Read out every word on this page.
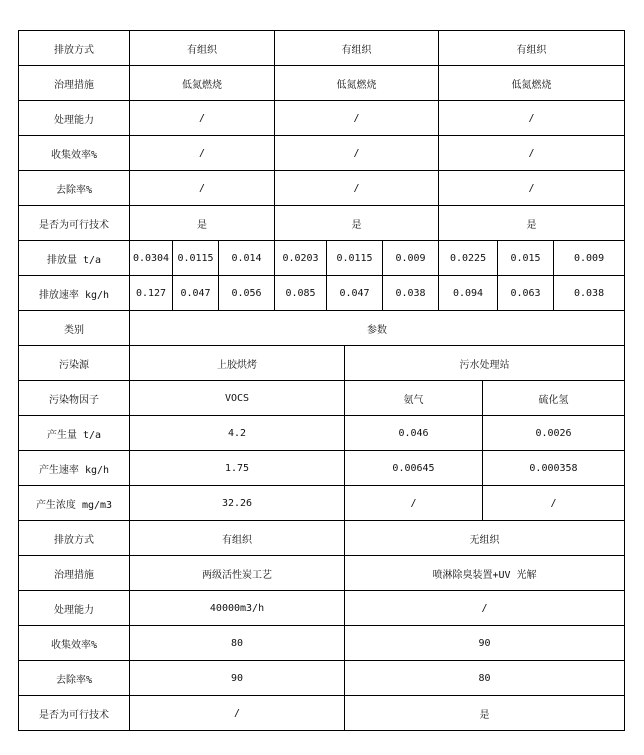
排放方式	有组织			有组织			有组织		
治理措施	低氮燃烧			低氮燃烧			低氮燃烧		
处理能力	/			/			/		
收集效率%	/			/			/		
去除率%	/			/			/		
是否为可行技术	是			是			是		
排放量 t/a	0.0304	0.0115	0.014	0.0203	0.0115	0.009	0.0225	0.015	0.009
排放速率 kg/h	0.127	0.047	0.056	0.085	0.047	0.038	0.094	0.063	0.038
类别	参数		
污染源	上胶烘烤	污水处理站	
污染物因子	VOCS	氨气	硫化氢
产生量 t/a	4.2	0.046	0.0026
产生速率 kg/h	1.75	0.00645	0.000358
产生浓度 mg/m3	32.26	/	/
排放方式	有组织	无组织	
治理措施	两级活性炭工艺	喷淋除臭装置+UV 光解	
处理能力	40000m3/h	/	
收集效率%	80	90	
去除率%	90	80	
是否为可行技术	/	是	
